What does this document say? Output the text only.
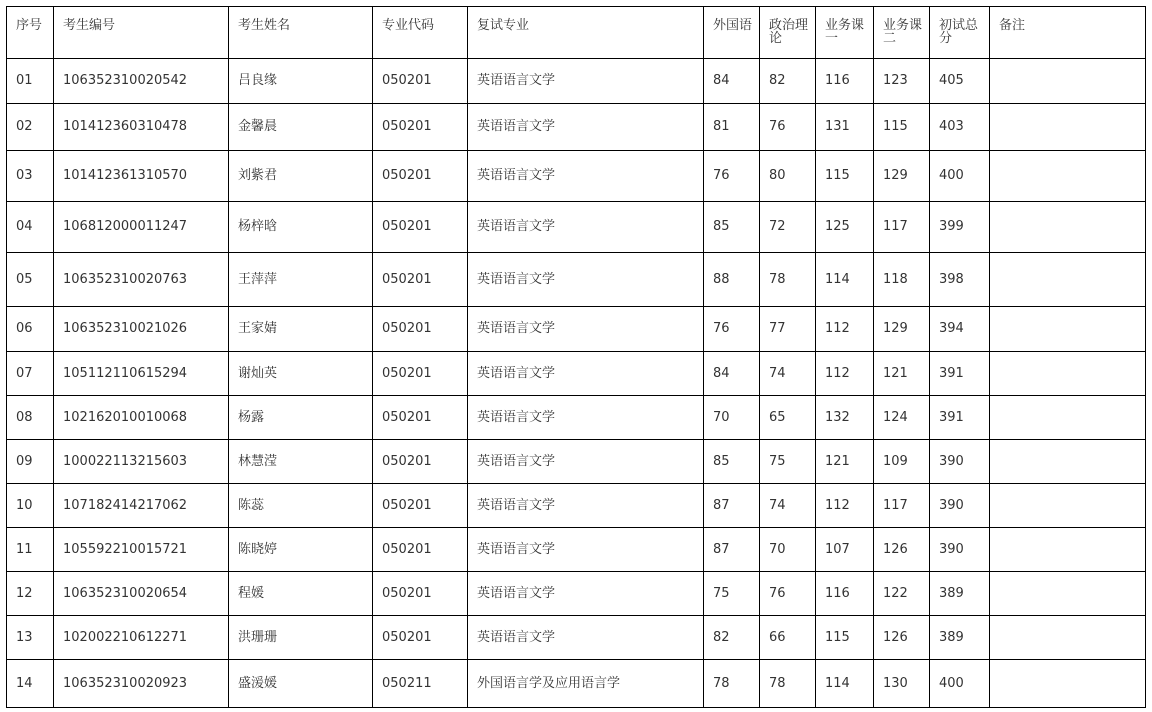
序号	考生编号	考生姓名	专业代码	复试专业	外国语	政治理论	业务课一	业务课二	初试总分	备注
01	106352310020542	吕良缘	050201	英语语言文学	84	82	116	123	405	
02	101412360310478	金馨晨	050201	英语语言文学	81	76	131	115	403	
03	101412361310570	刘紫君	050201	英语语言文学	76	80	115	129	400	
04	106812000011247	杨梓晗	050201	英语语言文学	85	72	125	117	399	
05	106352310020763	王萍萍	050201	英语语言文学	88	78	114	118	398	
06	106352310021026	王家婧	050201	英语语言文学	76	77	112	129	394	
07	105112110615294	谢灿英	050201	英语语言文学	84	74	112	121	391	
08	102162010010068	杨露	050201	英语语言文学	70	65	132	124	391	
09	100022113215603	林慧滢	050201	英语语言文学	85	75	121	109	390	
10	107182414217062	陈蕊	050201	英语语言文学	87	74	112	117	390	
11	105592210015721	陈晓婷	050201	英语语言文学	87	70	107	126	390	
12	106352310020654	程媛	050201	英语语言文学	75	76	116	122	389	
13	102002210612271	洪珊珊	050201	英语语言文学	82	66	115	126	389	
14	106352310020923	盛湲媛	050211	外国语言学及应用语言学	78	78	114	130	400	
